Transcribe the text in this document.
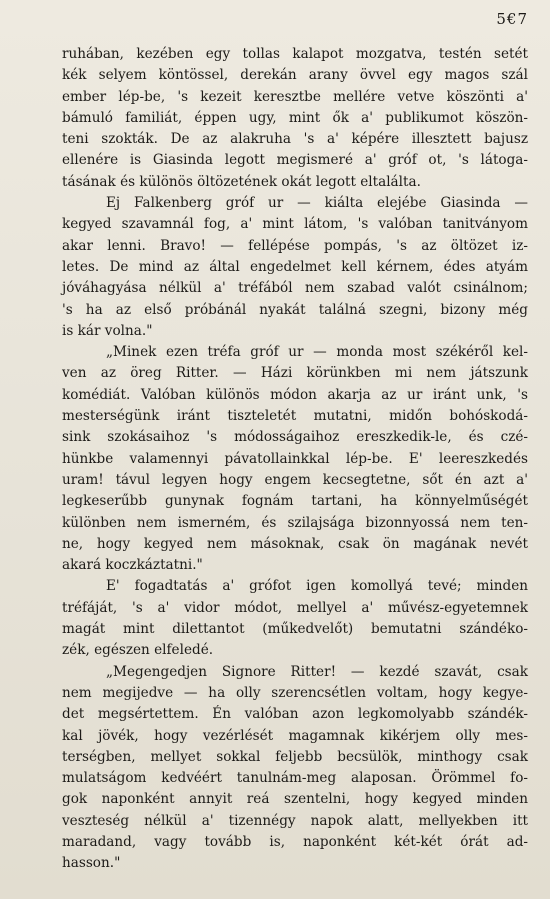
5€7
ruhában, kezében egy tollas kalapot mozgatva, testén setét
kék selyem köntössel, derekán arany övvel egy magos szál
ember lép-be, 's kezeit keresztbe mellére vetve köszönti a'
bámuló familiát, éppen ugy, mint ők a' publikumot köszön-
teni szokták. De az alakruha 's a' képére illesztett bajusz
ellenére is Giasinda legott megismeré a' gróf ot, 's látoga-
tásának és különös öltözetének okát legott eltalálta.
Ej Falkenberg gróf ur — kiálta elejébe Giasinda —
kegyed szavamnál fog, a' mint látom, 's valóban tanitványom
akar lenni. Bravo! — fellépése pompás, 's az öltözet iz-
letes. De mind az által engedelmet kell kérnem, édes atyám
jóváhagyása nélkül a' tréfából nem szabad valót csinálnom;
's ha az első próbánál nyakát találná szegni, bizony még
is kár volna."
„Minek ezen tréfa gróf ur — monda most székéről kel-
ven az öreg Ritter. — Házi körünkben mi nem játszunk
komédiát. Valóban különös módon akarja az ur iránt unk, 's
mesterségünk iránt tiszteletét mutatni, midőn bohóskodá-
sink szokásaihoz 's módosságaihoz ereszkedik-le, és czé-
hünkbe valamennyi pávatollainkkal lép-be. E' leereszkedés
uram! távul legyen hogy engem kecsegtetne, sőt én azt a'
legkeserűbb gunynak fognám tartani, ha könnyelműségét
különben nem ismerném, és szilajsága bizonnyossá nem ten-
ne, hogy kegyed nem másoknak, csak ön magának nevét
akará koczkáztatni."
E' fogadtatás a' grófot igen komollyá tevé; minden
tréfáját, 's a' vidor módot, mellyel a' művész-egyetemnek
magát mint dilettantot (műkedvelőt) bemutatni szándéko-
zék, egészen elfeledé.
„Megengedjen Signore Ritter! — kezdé szavát, csak
nem megijedve — ha olly szerencsétlen voltam, hogy kegye-
det megsértettem. Én valóban azon legkomolyabb szándék-
kal jövék, hogy vezérlését magamnak kikérjem olly mes-
terségben, mellyet sokkal feljebb becsülök, minthogy csak
mulatságom kedvéért tanulnám-meg alaposan. Örömmel fo-
gok naponként annyit reá szentelni, hogy kegyed minden
veszteség nélkül a' tizennégy napok alatt, mellyekben itt
maradand, vagy tovább is, naponként két-két órát ad-
hasson."
